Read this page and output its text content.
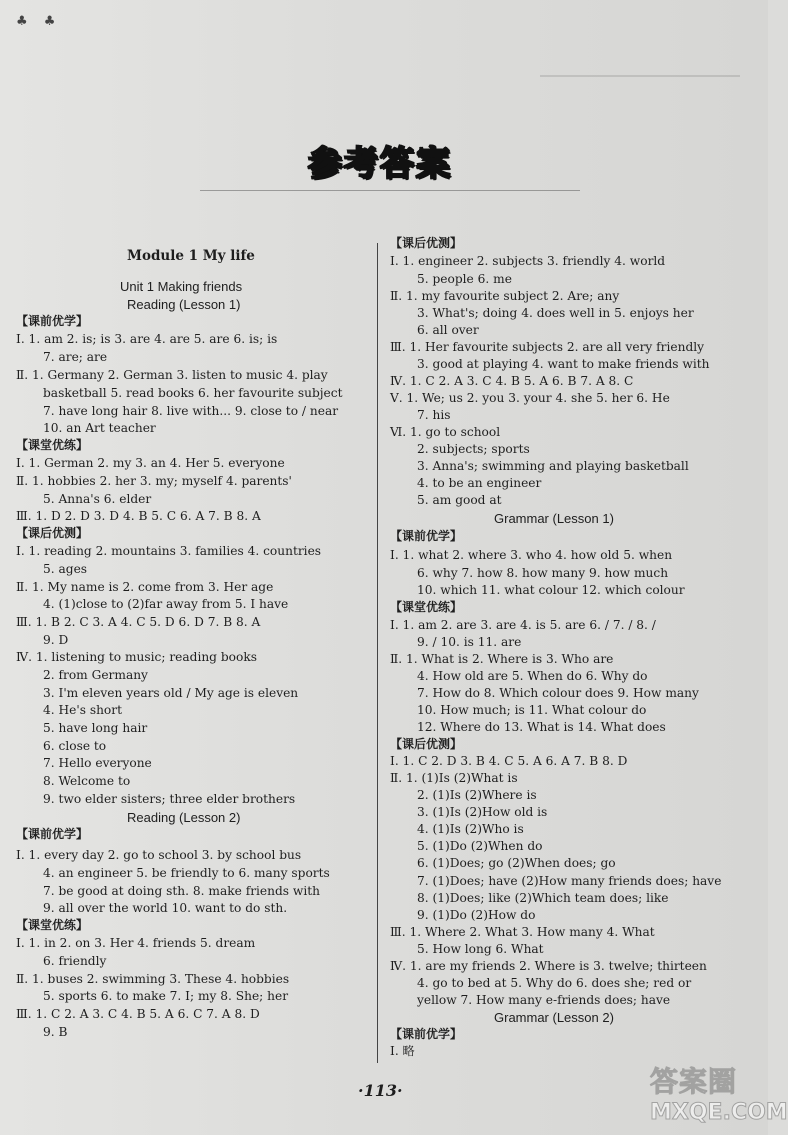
♣ ♣
参考答案
Module 1 My life
Unit 1 Making friends
Reading (Lesson 1)
【课前优学】
Ⅰ. 1. am 2. is; is 3. are 4. are 5. are 6. is; is
7. are; are
Ⅱ. 1. Germany 2. German 3. listen to music 4. play
basketball 5. read books 6. her favourite subject
7. have long hair 8. live with... 9. close to / near
10. an Art teacher
【课堂优练】
Ⅰ. 1. German 2. my 3. an 4. Her 5. everyone
Ⅱ. 1. hobbies 2. her 3. my; myself 4. parents'
5. Anna's 6. elder
Ⅲ. 1. D 2. D 3. D 4. B 5. C 6. A 7. B 8. A
【课后优测】
Ⅰ. 1. reading 2. mountains 3. families 4. countries
5. ages
Ⅱ. 1. My name is 2. come from 3. Her age
4. (1)close to (2)far away from 5. I have
Ⅲ. 1. B 2. C 3. A 4. C 5. D 6. D 7. B 8. A
9. D
Ⅳ. 1. listening to music; reading books
2. from Germany
3. I'm eleven years old / My age is eleven
4. He's short
5. have long hair
6. close to
7. Hello everyone
8. Welcome to
9. two elder sisters; three elder brothers
Reading (Lesson 2)
【课前优学】
Ⅰ. 1. every day 2. go to school 3. by school bus
4. an engineer 5. be friendly to 6. many sports
7. be good at doing sth. 8. make friends with
9. all over the world 10. want to do sth.
【课堂优练】
Ⅰ. 1. in 2. on 3. Her 4. friends 5. dream
6. friendly
Ⅱ. 1. buses 2. swimming 3. These 4. hobbies
5. sports 6. to make 7. I; my 8. She; her
Ⅲ. 1. C 2. A 3. C 4. B 5. A 6. C 7. A 8. D
9. B
【课后优测】
Ⅰ. 1. engineer 2. subjects 3. friendly 4. world
5. people 6. me
Ⅱ. 1. my favourite subject 2. Are; any
3. What's; doing 4. does well in 5. enjoys her
6. all over
Ⅲ. 1. Her favourite subjects 2. are all very friendly
3. good at playing 4. want to make friends with
Ⅳ. 1. C 2. A 3. C 4. B 5. A 6. B 7. A 8. C
Ⅴ. 1. We; us 2. you 3. your 4. she 5. her 6. He
7. his
Ⅵ. 1. go to school
2. subjects; sports
3. Anna's; swimming and playing basketball
4. to be an engineer
5. am good at
Grammar (Lesson 1)
【课前优学】
Ⅰ. 1. what 2. where 3. who 4. how old 5. when
6. why 7. how 8. how many 9. how much
10. which 11. what colour 12. which colour
【课堂优练】
Ⅰ. 1. am 2. are 3. are 4. is 5. are 6. / 7. / 8. /
9. / 10. is 11. are
Ⅱ. 1. What is 2. Where is 3. Who are
4. How old are 5. When do 6. Why do
7. How do 8. Which colour does 9. How many
10. How much; is 11. What colour do
12. Where do 13. What is 14. What does
【课后优测】
Ⅰ. 1. C 2. D 3. B 4. C 5. A 6. A 7. B 8. D
Ⅱ. 1. (1)Is (2)What is
2. (1)Is (2)Where is
3. (1)Is (2)How old is
4. (1)Is (2)Who is
5. (1)Do (2)When do
6. (1)Does; go (2)When does; go
7. (1)Does; have (2)How many friends does; have
8. (1)Does; like (2)Which team does; like
9. (1)Do (2)How do
Ⅲ. 1. Where 2. What 3. How many 4. What
5. How long 6. What
Ⅳ. 1. are my friends 2. Where is 3. twelve; thirteen
4. go to bed at 5. Why do 6. does she; red or
yellow 7. How many e-friends does; have
Grammar (Lesson 2)
【课前优学】
Ⅰ. 略
·113·	答案圈
MXQE.COM
